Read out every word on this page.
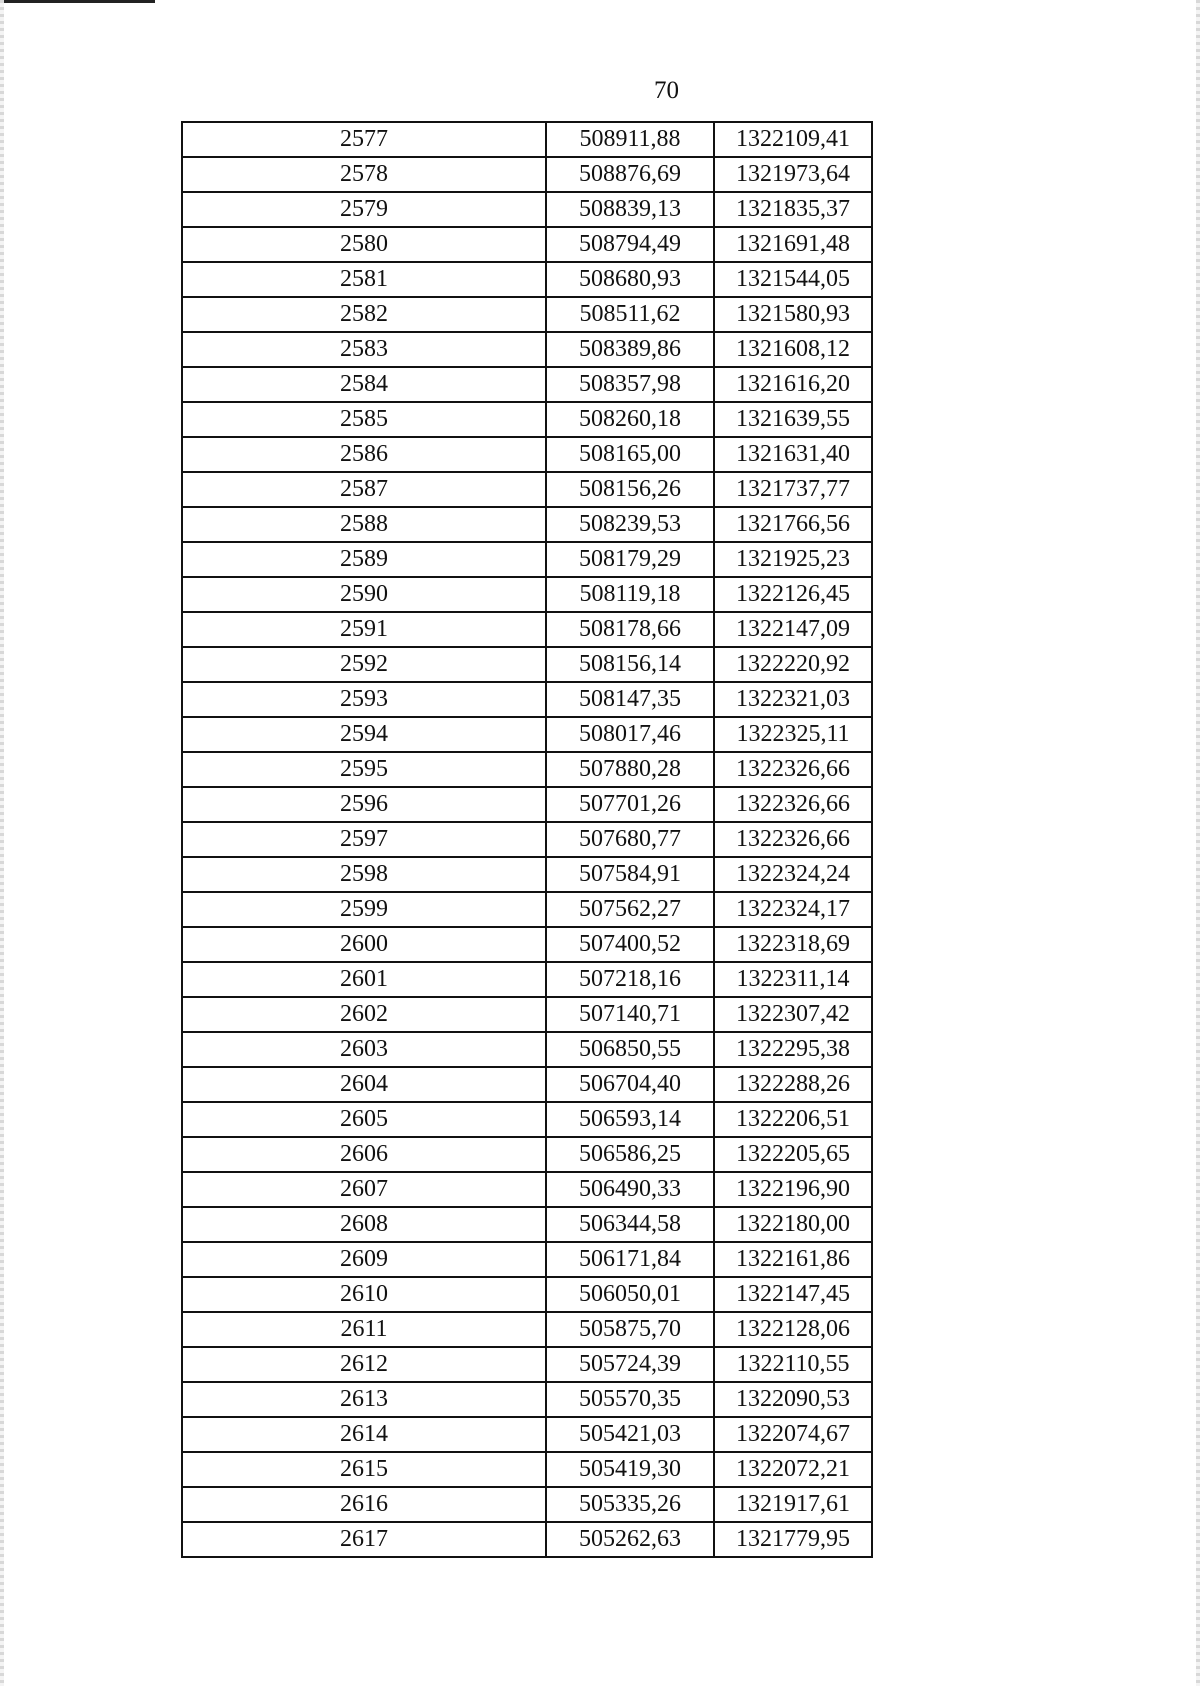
70
2577	508911,88	1322109,41
2578	508876,69	1321973,64
2579	508839,13	1321835,37
2580	508794,49	1321691,48
2581	508680,93	1321544,05
2582	508511,62	1321580,93
2583	508389,86	1321608,12
2584	508357,98	1321616,20
2585	508260,18	1321639,55
2586	508165,00	1321631,40
2587	508156,26	1321737,77
2588	508239,53	1321766,56
2589	508179,29	1321925,23
2590	508119,18	1322126,45
2591	508178,66	1322147,09
2592	508156,14	1322220,92
2593	508147,35	1322321,03
2594	508017,46	1322325,11
2595	507880,28	1322326,66
2596	507701,26	1322326,66
2597	507680,77	1322326,66
2598	507584,91	1322324,24
2599	507562,27	1322324,17
2600	507400,52	1322318,69
2601	507218,16	1322311,14
2602	507140,71	1322307,42
2603	506850,55	1322295,38
2604	506704,40	1322288,26
2605	506593,14	1322206,51
2606	506586,25	1322205,65
2607	506490,33	1322196,90
2608	506344,58	1322180,00
2609	506171,84	1322161,86
2610	506050,01	1322147,45
2611	505875,70	1322128,06
2612	505724,39	1322110,55
2613	505570,35	1322090,53
2614	505421,03	1322074,67
2615	505419,30	1322072,21
2616	505335,26	1321917,61
2617	505262,63	1321779,95
